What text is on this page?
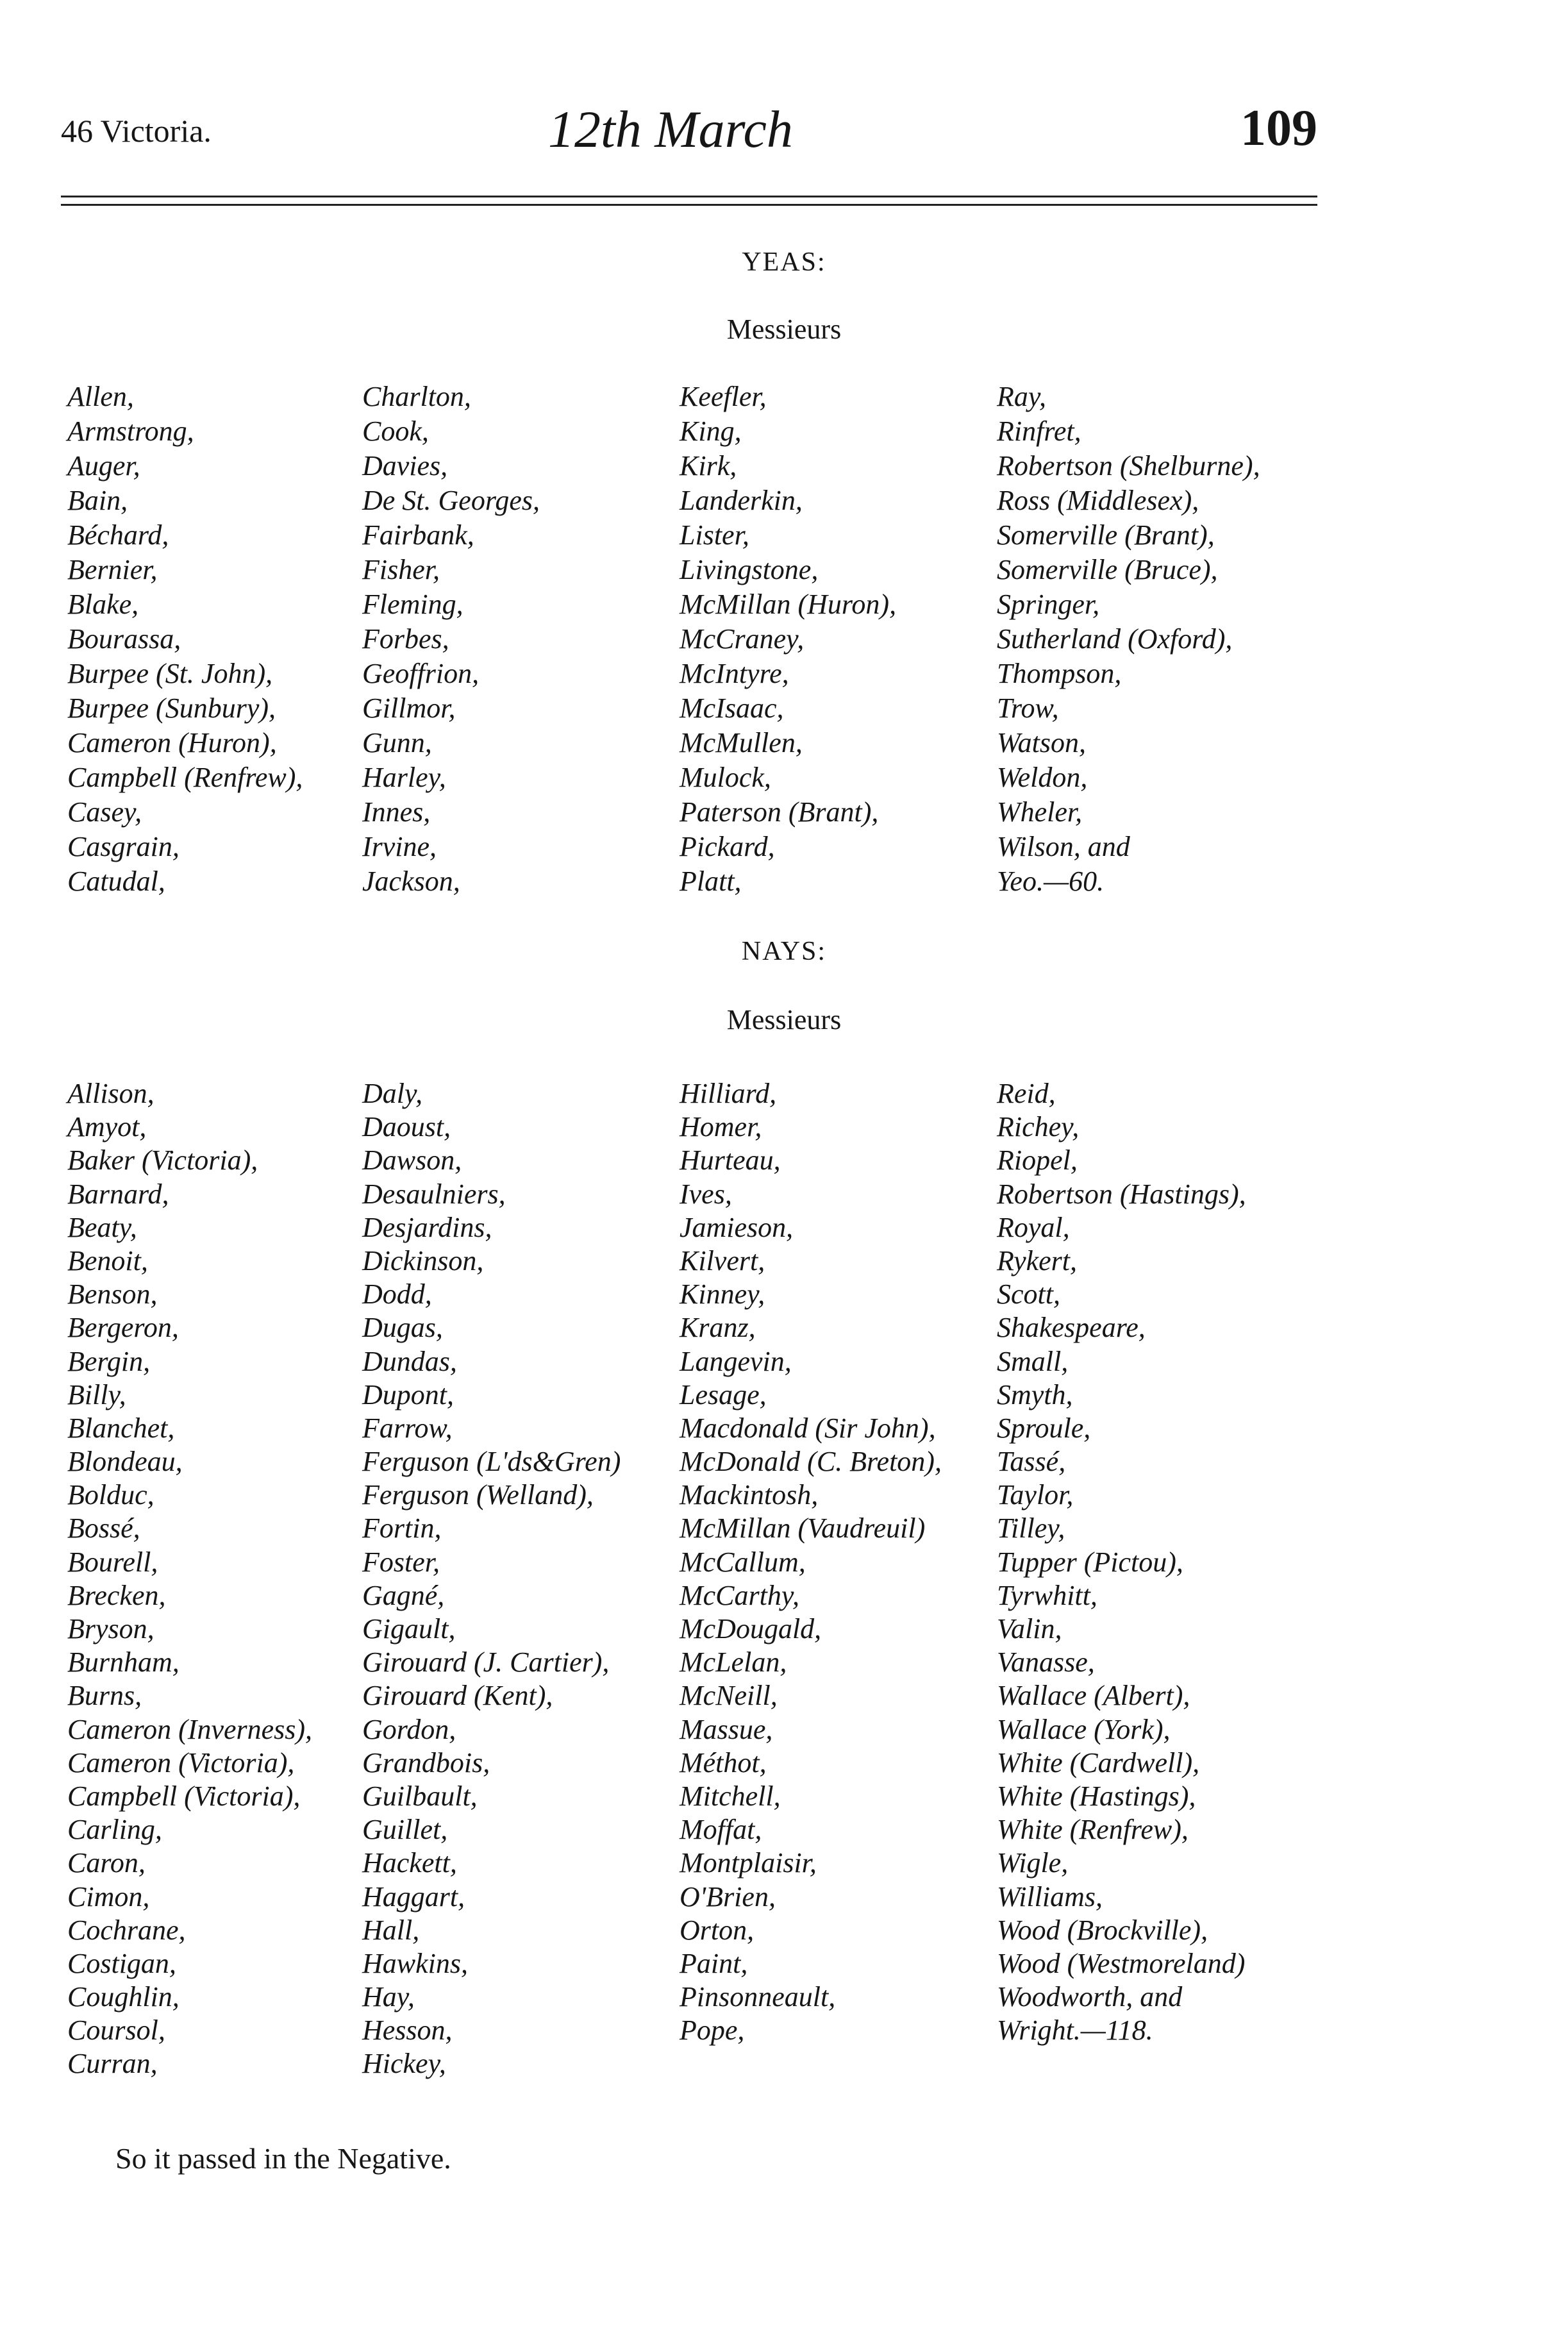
46 Victoria.	12th March	109
YEAS:
Messieurs
Allen,
Armstrong,
Auger,
Bain,
Béchard,
Bernier,
Blake,
Bourassa,
Burpee (St. John),
Burpee (Sunbury),
Cameron (Huron),
Campbell (Renfrew),
Casey,
Casgrain,
Catudal,
Charlton,
Cook,
Davies,
De St. Georges,
Fairbank,
Fisher,
Fleming,
Forbes,
Geoffrion,
Gillmor,
Gunn,
Harley,
Innes,
Irvine,
Jackson,
Keefler,
King,
Kirk,
Landerkin,
Lister,
Livingstone,
McMillan (Huron),
McCraney,
McIntyre,
McIsaac,
McMullen,
Mulock,
Paterson (Brant),
Pickard,
Platt,
Ray,
Rinfret,
Robertson (Shelburne),
Ross (Middlesex),
Somerville (Brant),
Somerville (Bruce),
Springer,
Sutherland (Oxford),
Thompson,
Trow,
Watson,
Weldon,
Wheler,
Wilson, and
Yeo.—60.
NAYS:
Messieurs
Allison,
Amyot,
Baker (Victoria),
Barnard,
Beaty,
Benoit,
Benson,
Bergeron,
Bergin,
Billy,
Blanchet,
Blondeau,
Bolduc,
Bossé,
Bourell,
Brecken,
Bryson,
Burnham,
Burns,
Cameron (Inverness),
Cameron (Victoria),
Campbell (Victoria),
Carling,
Caron,
Cimon,
Cochrane,
Costigan,
Coughlin,
Coursol,
Curran,
Daly,
Daoust,
Dawson,
Desaulniers,
Desjardins,
Dickinson,
Dodd,
Dugas,
Dundas,
Dupont,
Farrow,
Ferguson (L'ds&Gren)
Ferguson (Welland),
Fortin,
Foster,
Gagné,
Gigault,
Girouard (J. Cartier),
Girouard (Kent),
Gordon,
Grandbois,
Guilbault,
Guillet,
Hackett,
Haggart,
Hall,
Hawkins,
Hay,
Hesson,
Hickey,
Hilliard,
Homer,
Hurteau,
Ives,
Jamieson,
Kilvert,
Kinney,
Kranz,
Langevin,
Lesage,
Macdonald (Sir John),
McDonald (C. Breton),
Mackintosh,
McMillan (Vaudreuil)
McCallum,
McCarthy,
McDougald,
McLelan,
McNeill,
Massue,
Méthot,
Mitchell,
Moffat,
Montplaisir,
O'Brien,
Orton,
Paint,
Pinsonneault,
Pope,
Reid,
Richey,
Riopel,
Robertson (Hastings),
Royal,
Rykert,
Scott,
Shakespeare,
Small,
Smyth,
Sproule,
Tassé,
Taylor,
Tilley,
Tupper (Pictou),
Tyrwhitt,
Valin,
Vanasse,
Wallace (Albert),
Wallace (York),
White (Cardwell),
White (Hastings),
White (Renfrew),
Wigle,
Williams,
Wood (Brockville),
Wood (Westmoreland)
Woodworth, and
Wright.—118.
So it passed in the Negative.
